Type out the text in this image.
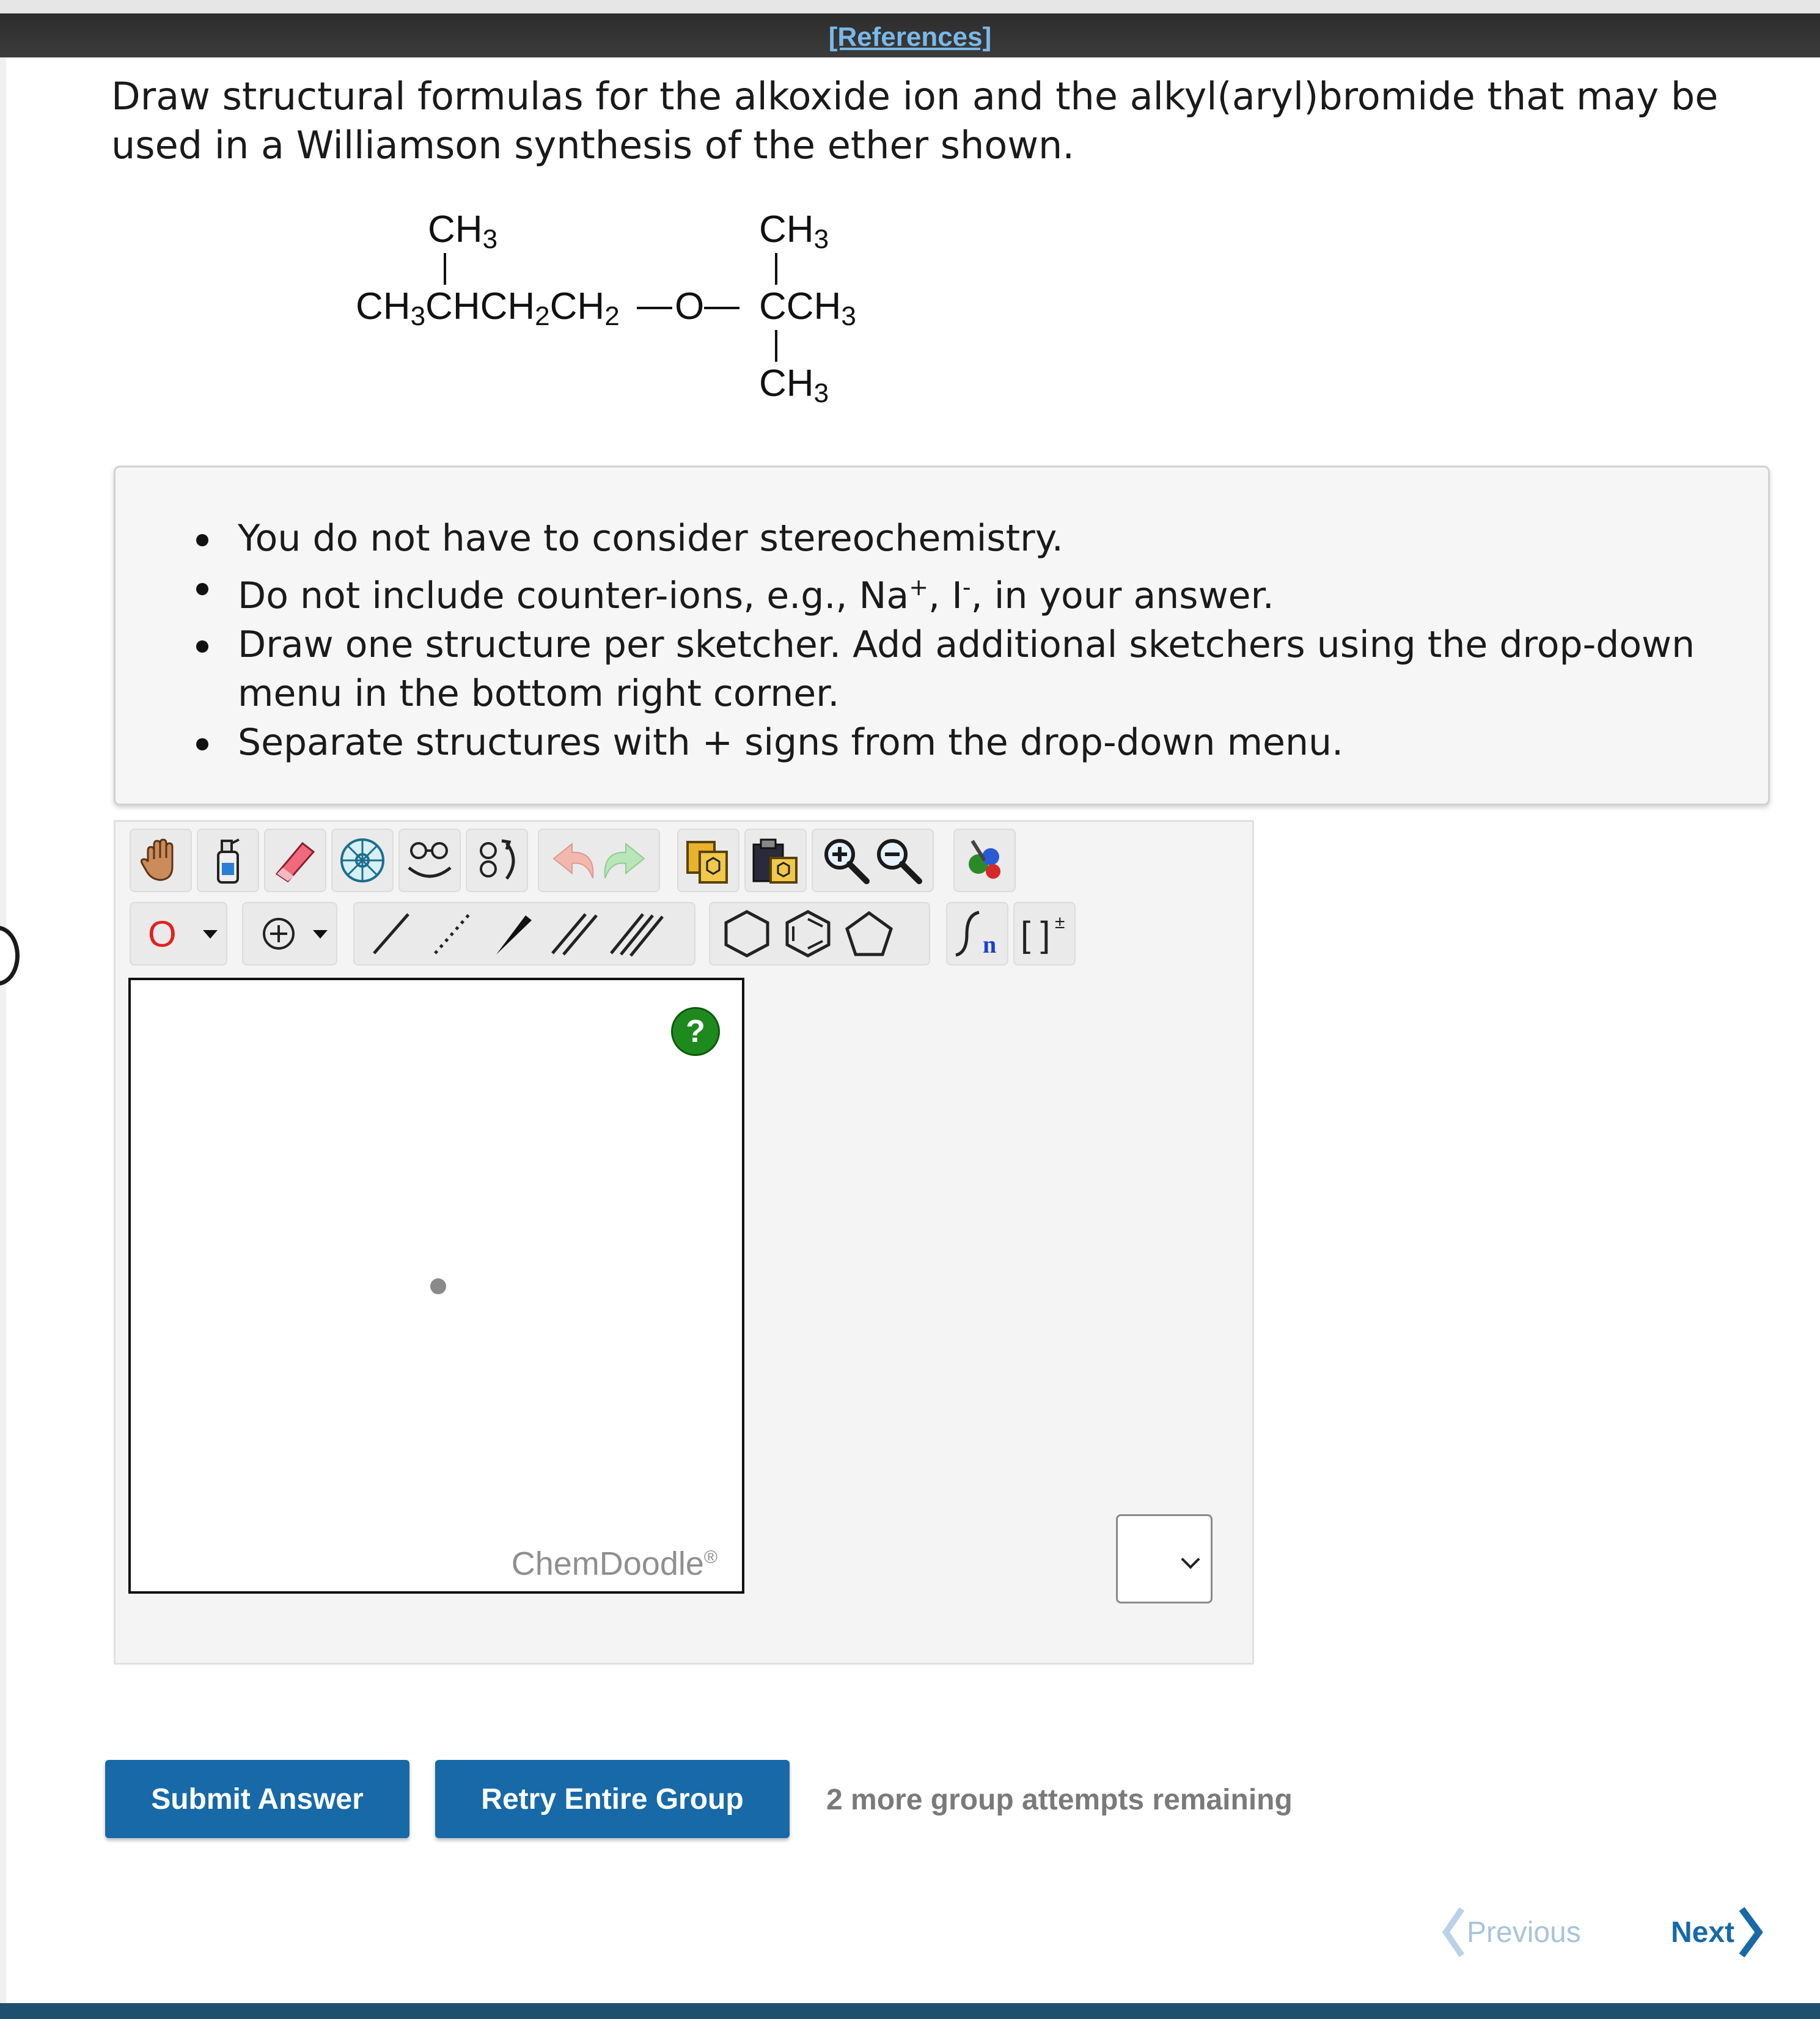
[References]
Draw structural formulas for the alkoxide ion and the alkyl(aryl)bromide that may be used in a Williamson synthesis of the ether shown.
$CH_3$
$CH_3CHCH_2CH_2$ O
$CH_3$
$CCH_3$
$CH_3$
You do not have to consider stereochemistry.
Do not include counter-ions, e.g., Na+, I-, in your answer.
Draw one structure per sketcher. Add additional sketchers using the drop-down menu in the bottom right corner.
Separate structures with + signs from the drop-down menu.
O	n [ ] ±
?
ChemDoodle®
Submit Answer	Retry Entire Group	2 more group attempts remaining
Previous	Next
